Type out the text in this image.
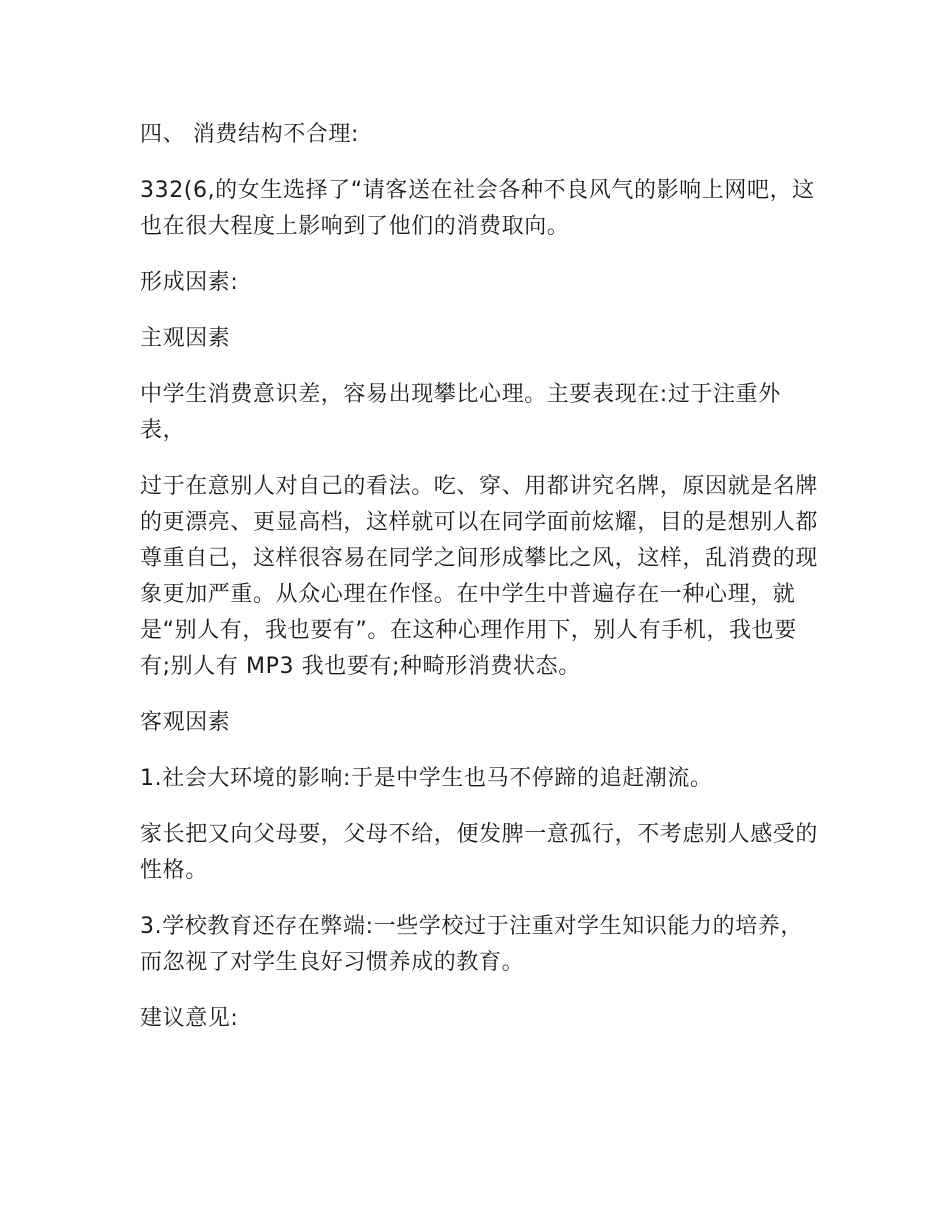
四、 消费结构不合理:

332(6,的女生选择了“请客送在社会各种不良风气的影响上网吧，这也在很大程度上影响到了他们的消费取向。

形成因素:

主观因素

中学生消费意识差，容易出现攀比心理。主要表现在:过于注重外表，

过于在意别人对自己的看法。吃、穿、用都讲究名牌，原因就是名牌的更漂亮、更显高档，这样就可以在同学面前炫耀，目的是想别人都尊重自己，这样很容易在同学之间形成攀比之风，这样，乱消费的现象更加严重。从众心理在作怪。在中学生中普遍存在一种心理，就是“别人有，我也要有”。在这种心理作用下，别人有手机，我也要有;别人有 MP3 我也要有;种畸形消费状态。

客观因素

1.社会大环境的影响:于是中学生也马不停蹄的追赶潮流。

家长把又向父母要，父母不给，便发脾一意孤行，不考虑别人感受的性格。

3.学校教育还存在弊端:一些学校过于注重对学生知识能力的培养，而忽视了对学生良好习惯养成的教育。

建议意见:
